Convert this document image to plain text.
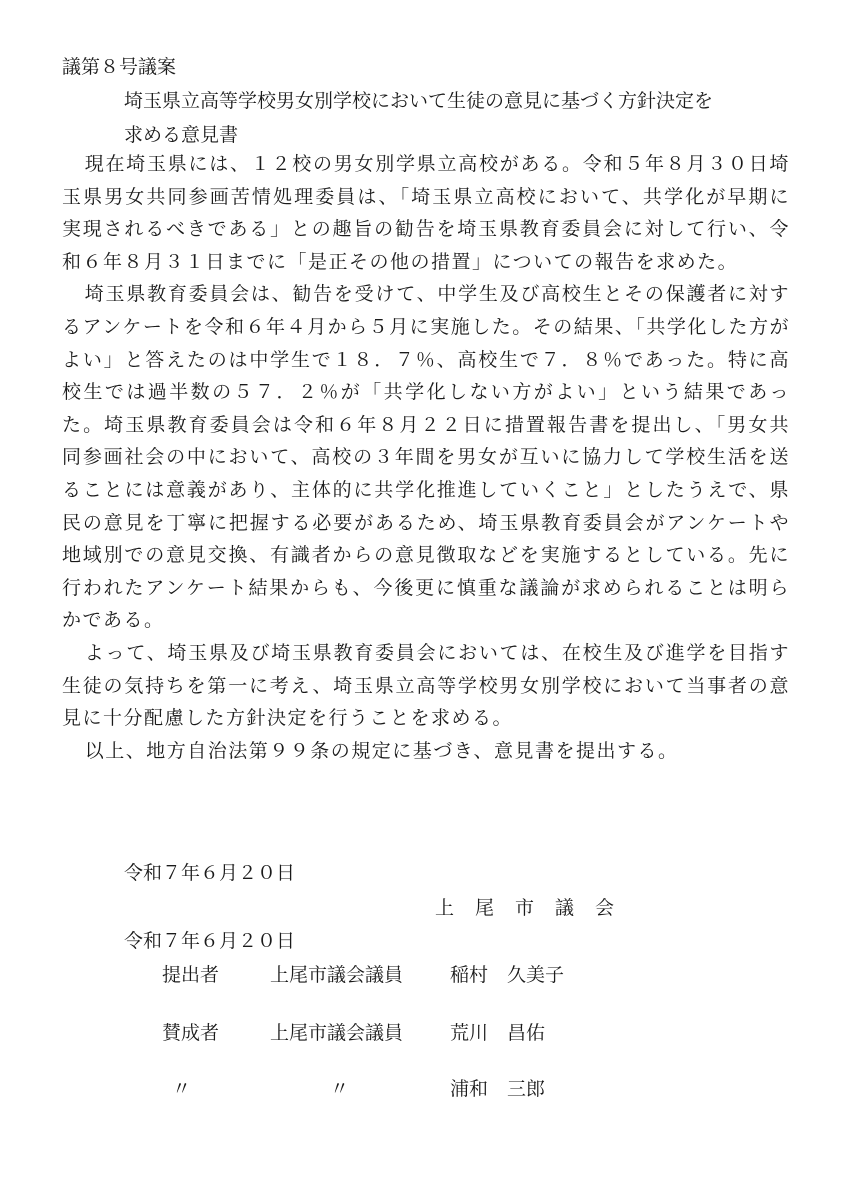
議第８号議案
埼玉県立高等学校男女別学校において生徒の意見に基づく方針決定を
求める意見書

現在埼玉県には、１２校の男女別学県立高校がある。令和５年８月３０日埼玉県男女共同参画苦情処理委員は、「埼玉県立高校において、共学化が早期に実現されるべきである」との趣旨の勧告を埼玉県教育委員会に対して行い、令和６年８月３１日までに「是正その他の措置」についての報告を求めた。

埼玉県教育委員会は、勧告を受けて、中学生及び高校生とその保護者に対するアンケートを令和６年４月から５月に実施した。その結果、「共学化した方がよい」と答えたのは中学生で１８．７％、高校生で７．８％であった。特に高校生では過半数の５７．２％が「共学化しない方がよい」という結果であった。埼玉県教育委員会は令和６年８月２２日に措置報告書を提出し、「男女共同参画社会の中において、高校の３年間を男女が互いに協力して学校生活を送ることには意義があり、主体的に共学化推進していくこと」としたうえで、県民の意見を丁寧に把握する必要があるため、埼玉県教育委員会がアンケートや地域別での意見交換、有識者からの意見徴取などを実施するとしている。先に行われたアンケート結果からも、今後更に慎重な議論が求められることは明らかである。

よって、埼玉県及び埼玉県教育委員会においては、在校生及び進学を目指す生徒の気持ちを第一に考え、埼玉県立高等学校男女別学校において当事者の意見に十分配慮した方針決定を行うことを求める。

以上、地方自治法第９９条の規定に基づき、意見書を提出する。

令和７年６月２０日
上尾市議会
令和７年６月２０日
提出者	上尾市議会議員 稲村　久美子
賛成者	上尾市議会議員 荒川　昌佑
〃	〃	浦和　三郎
